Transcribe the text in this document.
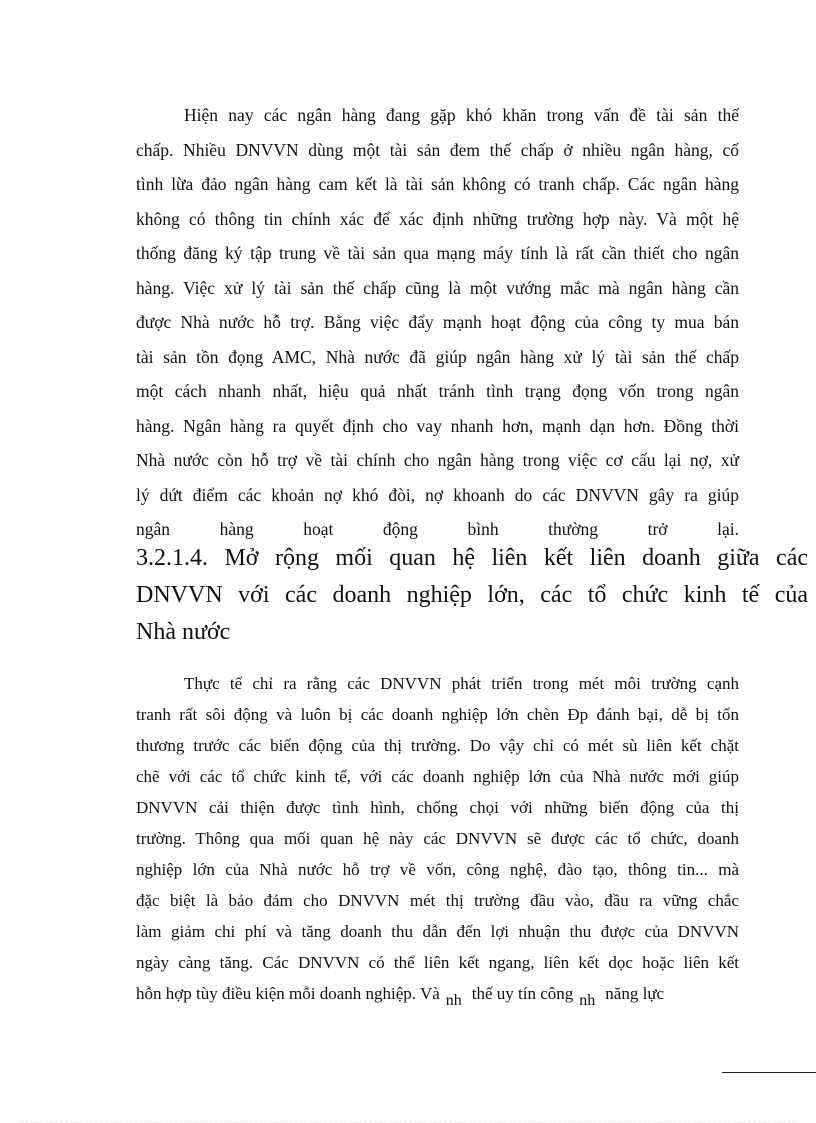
Hiện nay các ngân hàng đang gặp khó khăn trong vấn đề tài sản thế
chấp. Nhiều DNVVN dùng một tài sản đem thế chấp ở nhiều ngân hàng, cố
tình lừa đảo ngân hàng cam kết là tài sản không có tranh chấp. Các ngân hàng
không có thông tin chính xác để xác định những trường hợp này. Và một hệ
thống đăng ký tập trung về tài sản qua mạng máy tính là rất cần thiết cho ngân
hàng. Việc xử lý tài sản thế chấp cũng là một vướng mắc mà ngân hàng cần
được Nhà nước hỗ trợ. Bằng việc đẩy mạnh hoạt động của công ty mua bán
tài sản tồn đọng AMC, Nhà nước đã giúp ngân hàng xử lý tài sản thế chấp
một cách nhanh nhất, hiệu quả nhất tránh tình trạng đọng vốn trong ngân
hàng. Ngân hàng ra quyết định cho vay nhanh hơn, mạnh dạn hơn. Đồng thời
Nhà nước còn hỗ trợ về tài chính cho ngân hàng trong việc cơ cấu lại nợ, xử
lý dứt điểm các khoản nợ khó đòi, nợ khoanh do các DNVVN gây ra giúp
ngân hàng hoạt động bình thường trở lại.

3.2.1.4. Mở rộng mối quan hệ liên kết liên doanh giữa các
DNVVN với các doanh nghiệp lớn, các tổ chức kinh tế của
Nhà nước

Thực tế chỉ ra rằng các DNVVN phát triển trong mét môi trường cạnh
tranh rất sôi động và luôn bị các doanh nghiệp lớn chèn Đp đánh bại, dễ bị tổn
thương trước các biến động của thị trường. Do vậy chỉ có mét sù liên kết chặt
chẽ với các tổ chức kinh tế, với các doanh nghiệp lớn của Nhà nước mới giúp
DNVVN cải thiện được tình hình, chống chọi với những biến động của thị
trường. Thông qua mối quan hệ này các DNVVN sẽ được các tổ chức, doanh
nghiệp lớn của Nhà nước hỗ trợ về vốn, công nghệ, đào tạo, thông tin... mà
đặc biệt là bảo đảm cho DNVVN mét thị trường đầu vào, đầu ra vững chắc
làm giảm chi phí và tăng doanh thu dẫn đến lợi nhuận thu được của DNVVN
ngày càng tăng. Các DNVVN có thể liên kết ngang, liên kết dọc hoặc liên kết
hỗn hợp tùy điều kiện mỗi doanh nghiệp. Và nh thế uy tín công nh năng lực
